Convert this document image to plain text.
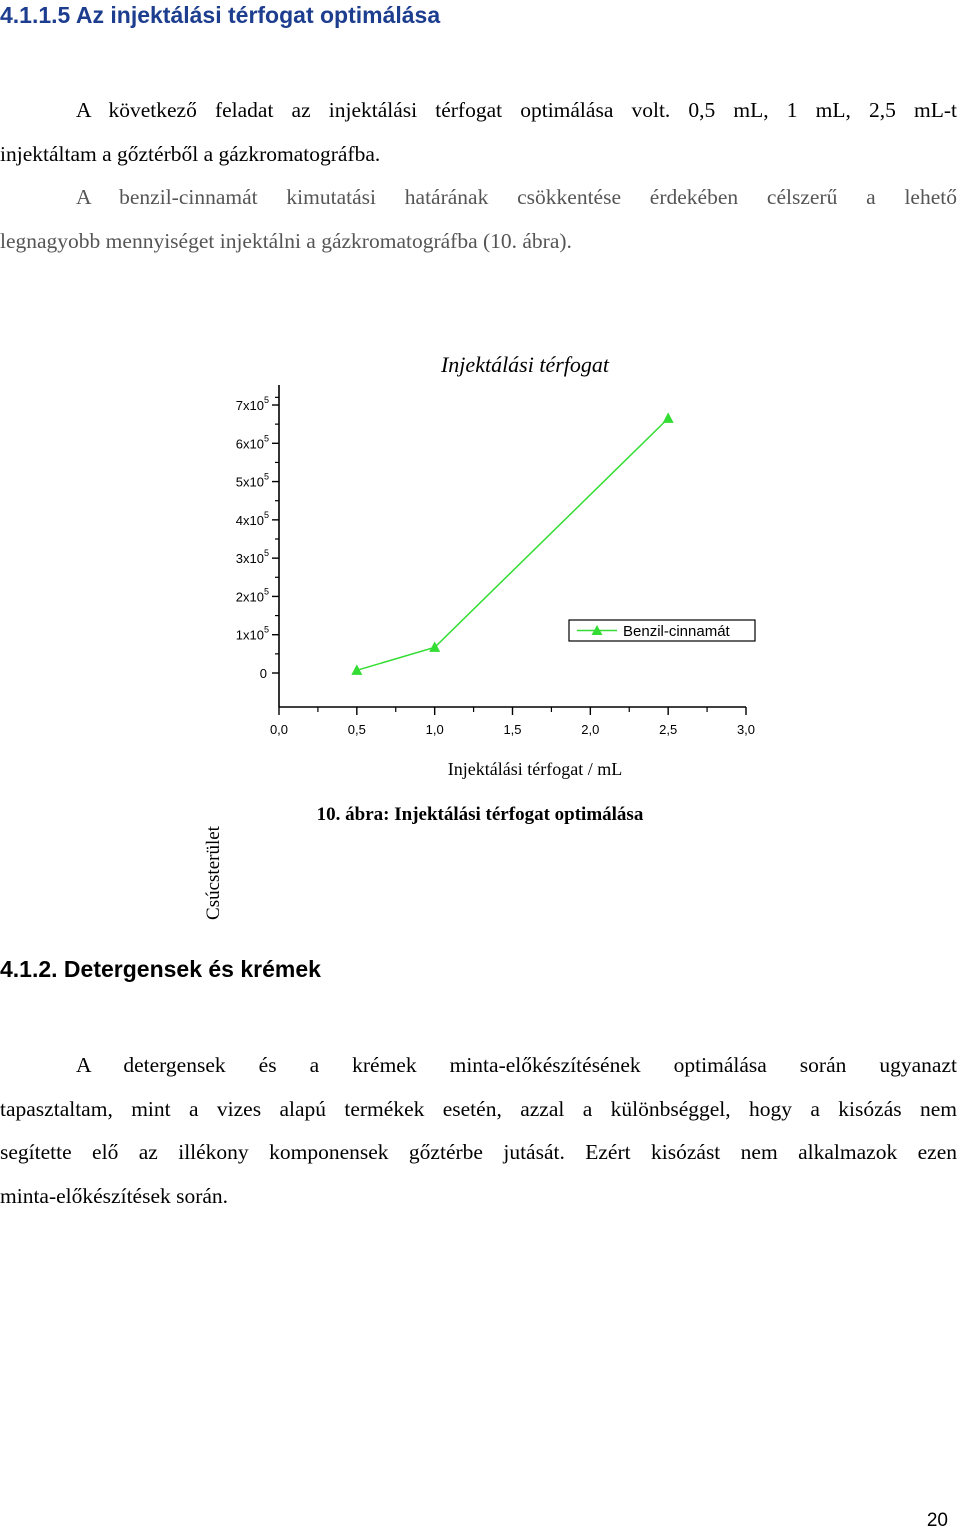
4.1.1.5 Az injektálási térfogat optimálása
A következő feladat az injektálási térfogat optimálása volt. 0,5 mL, 1 mL, 2,5 mL-t
injektáltam a gőztérből a gázkromatográfba.
A benzil-cinnamát kimutatási határának csökkentése érdekében célszerű a lehető
legnagyobb mennyiséget injektálni a gázkromatográfba (10. ábra).
Injektálási térfogat
Csúcsterület
0
$1x10^5$
$2x10^5$
$3x10^5$
$4x10^5$
$5x10^5$
$6x10^5$
$7x10^5$
0,0	0,5	1,0	1,5	2,0	2,5	3,0
Injektálási térfogat / mL
Benzil-cinnamát
10. ábra: Injektálási térfogat optimálása
4.1.2. Detergensek és krémek
A detergensek és a krémek minta-előkészítésének optimálása során ugyanazt
tapasztaltam, mint a vizes alapú termékek esetén, azzal a különbséggel, hogy a kisózás nem
segítette elő az illékony komponensek gőztérbe jutását. Ezért kisózást nem alkalmazok ezen
minta-előkészítések során.
20
